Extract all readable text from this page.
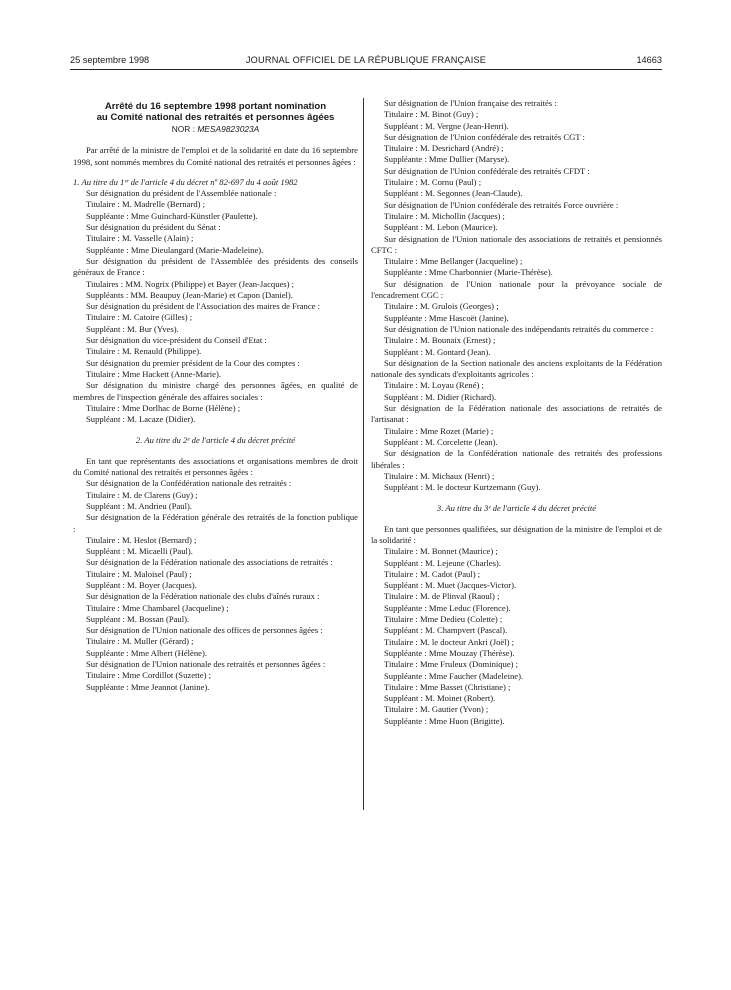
25 septembre 1998	JOURNAL OFFICIEL DE LA RÉPUBLIQUE FRANÇAISE	14663

Arrêté du 16 septembre 1998 portant nomination

au Comité national des retraités et personnes âgées

NOR : MESA9823023A

Par arrêté de la ministre de l'emploi et de la solidarité en date du 16 septembre 1998, sont nommés membres du Comité national des retraités et personnes âgées :

1. Au titre du 1ᵉʳ de l'article 4 du décret nº 82-697 du 4 août 1982

Sur désignation du président de l'Assemblée nationale :

Titulaire : M. Madrelle (Bernard) ;

Suppléante : Mme Guinchard-Künstler (Paulette).

Sur désignation du président du Sénat :

Titulaire : M. Vasselle (Alain) ;

Suppléante : Mme Dieulangard (Marie-Madeleine).

Sur désignation du président de l'Assemblée des présidents des conseils généraux de France :

Titulaires : MM. Nogrix (Philippe) et Bayer (Jean-Jacques) ;

Suppléants : MM. Beaupuy (Jean-Marie) et Capon (Daniel).

Sur désignation du président de l'Association des maires de France :

Titulaire : M. Catoire (Gilles) ;

Suppléant : M. Bur (Yves).

Sur désignation du vice-président du Conseil d'Etat :

Titulaire : M. Renauld (Philippe).

Sur désignation du premier président de la Cour des comptes :

Titulaire : Mme Hackett (Anne-Marie).

Sur désignation du ministre chargé des personnes âgées, en qualité de membres de l'inspection générale des affaires sociales :

Titulaire : Mme Dorlhac de Borne (Hélène) ;

Suppléant : M. Lacaze (Didier).

2. Au titre du 2ᵉ de l'article 4 du décret précité

En tant que représentants des associations et organisations membres de droit du Comité national des retraités et personnes âgées :

Sur désignation de la Confédération nationale des retraités :

Titulaire : M. de Clarens (Guy) ;

Suppléant : M. Andrieu (Paul).

Sur désignation de la Fédération générale des retraités de la fonction publique :

Titulaire : M. Heslot (Bernard) ;

Suppléant : M. Micaelli (Paul).

Sur désignation de la Fédération nationale des associations de retraités :

Titulaire : M. Maloisel (Paul) ;

Suppléant : M. Boyer (Jacques).

Sur désignation de la Fédération nationale des clubs d'aînés ruraux :

Titulaire : Mme Chambarel (Jacqueline) ;

Suppléant : M. Bossan (Paul).

Sur désignation de l'Union nationale des offices de personnes âgées :

Titulaire : M. Muller (Gérard) ;

Suppléante : Mme Albert (Hélène).

Sur désignation de l'Union nationale des retraités et personnes âgées :

Titulaire : Mme Cordillot (Suzette) ;

Suppléante : Mme Jeannot (Janine).

Sur désignation de l'Union française des retraités :

Titulaire : M. Binot (Guy) ;

Suppléant : M. Vergne (Jean-Henri).

Sur désignation de l'Union confédérale des retraités CGT :

Titulaire : M. Desrichard (André) ;

Suppléante : Mme Dullier (Maryse).

Sur désignation de l'Union confédérale des retraités CFDT :

Titulaire : M. Cornu (Paul) ;

Suppléant : M. Segonnes (Jean-Claude).

Sur désignation de l'Union confédérale des retraités Force ouvrière :

Titulaire : M. Michollin (Jacques) ;

Suppléant : M. Lebon (Maurice).

Sur désignation de l'Union nationale des associations de retraités et pensionnés CFTC :

Titulaire : Mme Bellanger (Jacqueline) ;

Suppléante : Mme Charbonnier (Marie-Thérèse).

Sur désignation de l'Union nationale pour la prévoyance sociale de l'encadrement CGC :

Titulaire : M. Grulois (Georges) ;

Suppléante : Mme Hascoët (Janine).

Sur désignation de l'Union nationale des indépendants retraités du commerce :

Titulaire : M. Bounaix (Ernest) ;

Suppléant : M. Gontard (Jean).

Sur désignation de la Section nationale des anciens exploitants de la Fédération nationale des syndicats d'exploitants agricoles :

Titulaire : M. Loyau (René) ;

Suppléant : M. Didier (Richard).

Sur désignation de la Fédération nationale des associations de retraités de l'artisanat :

Titulaire : Mme Rozet (Marie) ;

Suppléant : M. Corcelette (Jean).

Sur désignation de la Confédération nationale des retraités des professions libérales :

Titulaire : M. Michaux (Henri) ;

Suppléant : M. le docteur Kurtzemann (Guy).

3. Au titre du 3ᵉ de l'article 4 du décret précité

En tant que personnes qualifiées, sur désignation de la ministre de l'emploi et de la solidarité :

Titulaire : M. Bonnet (Maurice) ;

Suppléant : M. Lejeune (Charles).

Titulaire : M. Cadot (Paul) ;

Suppléant : M. Muet (Jacques-Victor).

Titulaire : M. de Plinval (Raoul) ;

Suppléante : Mme Leduc (Florence).

Titulaire : Mme Dedieu (Colette) ;

Suppléant : M. Champvert (Pascal).

Titulaire : M. le docteur Ankri (Joël) ;

Suppléante : Mme Mouzay (Thérèse).

Titulaire : Mme Fruleux (Dominique) ;

Suppléante : Mme Faucher (Madeleine).

Titulaire : Mme Basset (Christiane) ;

Suppléant : M. Moinet (Robert).

Titulaire : M. Gautier (Yvon) ;

Suppléante : Mme Huon (Brigitte).
